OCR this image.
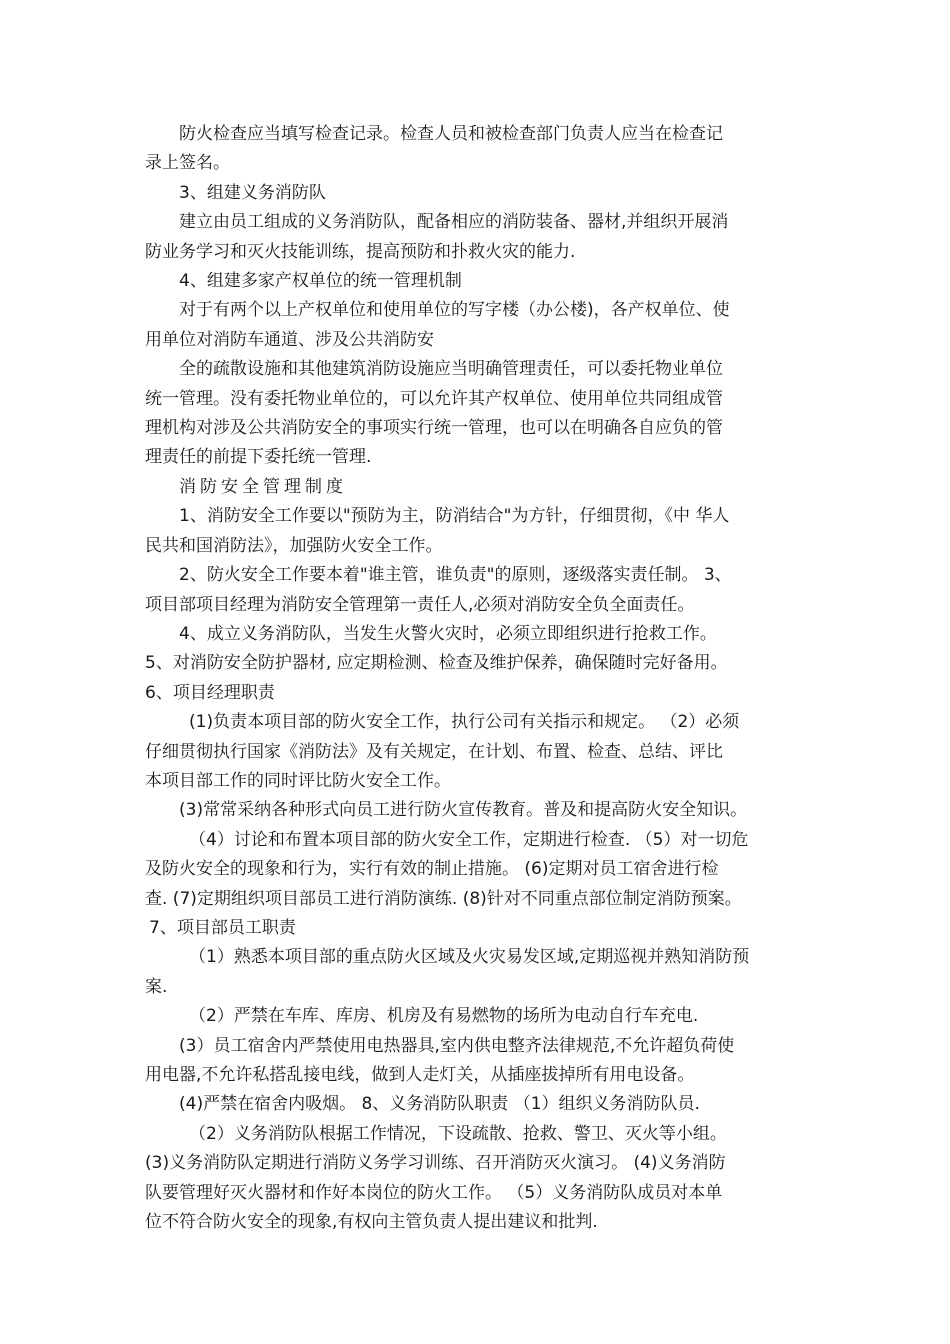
防火检查应当填写检查记录。检查人员和被检查部门负责人应当在检查记

录上签名。

3、组建义务消防队

建立由员工组成的义务消防队，配备相应的消防装备、器材,并组织开展消

防业务学习和灭火技能训练，提高预防和扑救火灾的能力.

4、组建多家产权单位的统一管理机制

对于有两个以上产权单位和使用单位的写字楼（办公楼)，各产权单位、使

用单位对消防车通道、涉及公共消防安

全的疏散设施和其他建筑消防设施应当明确管理责任，可以委托物业单位

统一管理。没有委托物业单位的，可以允许其产权单位、使用单位共同组成管

理机构对涉及公共消防安全的事项实行统一管理，也可以在明确各自应负的管

理责任的前提下委托统一管理.

消防安全管理制度

1、消防安全工作要以"预防为主，防消结合"为方针，仔细贯彻，《中 华人

民共和国消防法》，加强防火安全工作。

2、防火安全工作要本着"谁主管，谁负责"的原则，逐级落实责任制。 3、

项目部项目经理为消防安全管理第一责任人,必须对消防安全负全面责任。

4、成立义务消防队，当发生火警火灾时，必须立即组织进行抢救工作。

5、对消防安全防护器材, 应定期检测、检查及维护保养，确保随时完好备用。

6、项目经理职责

(1)负责本项目部的防火安全工作，执行公司有关指示和规定。 （2）必须

仔细贯彻执行国家《消防法》及有关规定，在计划、布置、检查、总结、评比

本项目部工作的同时评比防火安全工作。

(3)常常采纳各种形式向员工进行防火宣传教育。普及和提高防火安全知识。

（4）讨论和布置本项目部的防火安全工作，定期进行检查. （5）对一切危

及防火安全的现象和行为，实行有效的制止措施。 (6)定期对员工宿舍进行检

查. (7)定期组织项目部员工进行消防演练. (8)针对不同重点部位制定消防预案。

7、项目部员工职责

（1）熟悉本项目部的重点防火区域及火灾易发区域,定期巡视并熟知消防预

案.

（2）严禁在车库、库房、机房及有易燃物的场所为电动自行车充电.

(3）员工宿舍内严禁使用电热器具,室内供电整齐法律规范,不允许超负荷使

用电器,不允许私搭乱接电线，做到人走灯关，从插座拔掉所有用电设备。

(4)严禁在宿舍内吸烟。 8、义务消防队职责 （1）组织义务消防队员.

（2）义务消防队根据工作情况，下设疏散、抢救、警卫、灭火等小组。

(3)义务消防队定期进行消防义务学习训练、召开消防灭火演习。 (4)义务消防

队要管理好灭火器材和作好本岗位的防火工作。 （5）义务消防队成员对本单

位不符合防火安全的现象,有权向主管负责人提出建议和批判.
